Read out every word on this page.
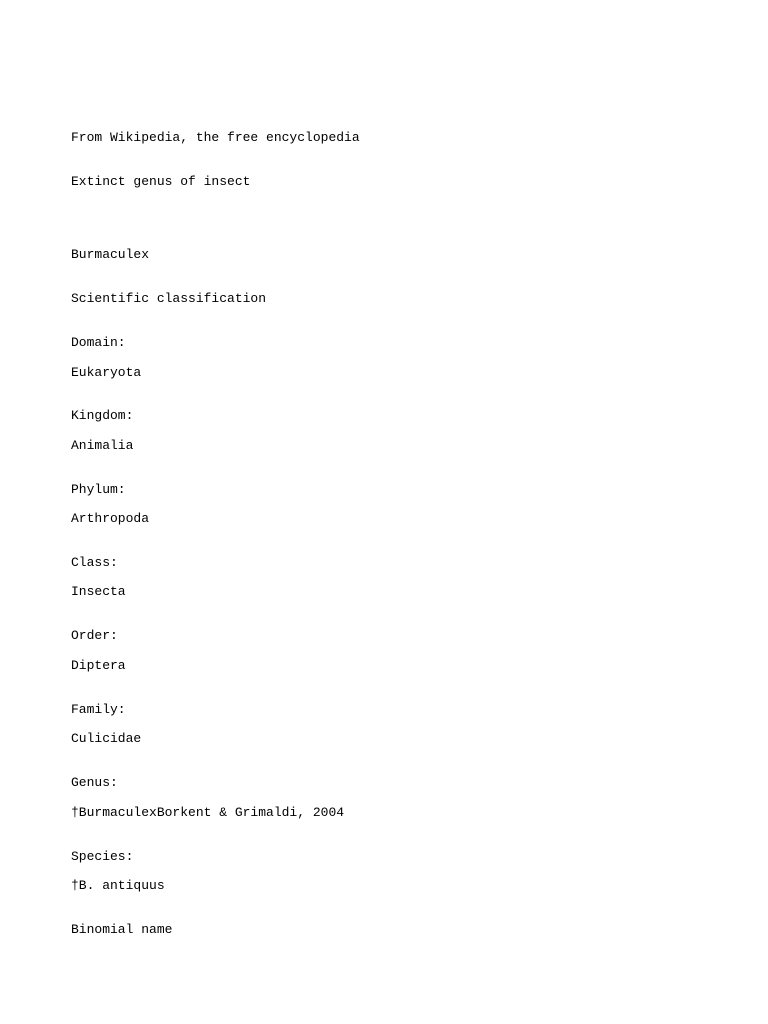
From Wikipedia, the free encyclopedia

Extinct genus of insect

Burmaculex

Scientific classification

Domain:

Eukaryota

Kingdom:

Animalia

Phylum:

Arthropoda

Class:

Insecta

Order:

Diptera

Family:

Culicidae

Genus:

†BurmaculexBorkent & Grimaldi, 2004

Species:

†B. antiquus

Binomial name
